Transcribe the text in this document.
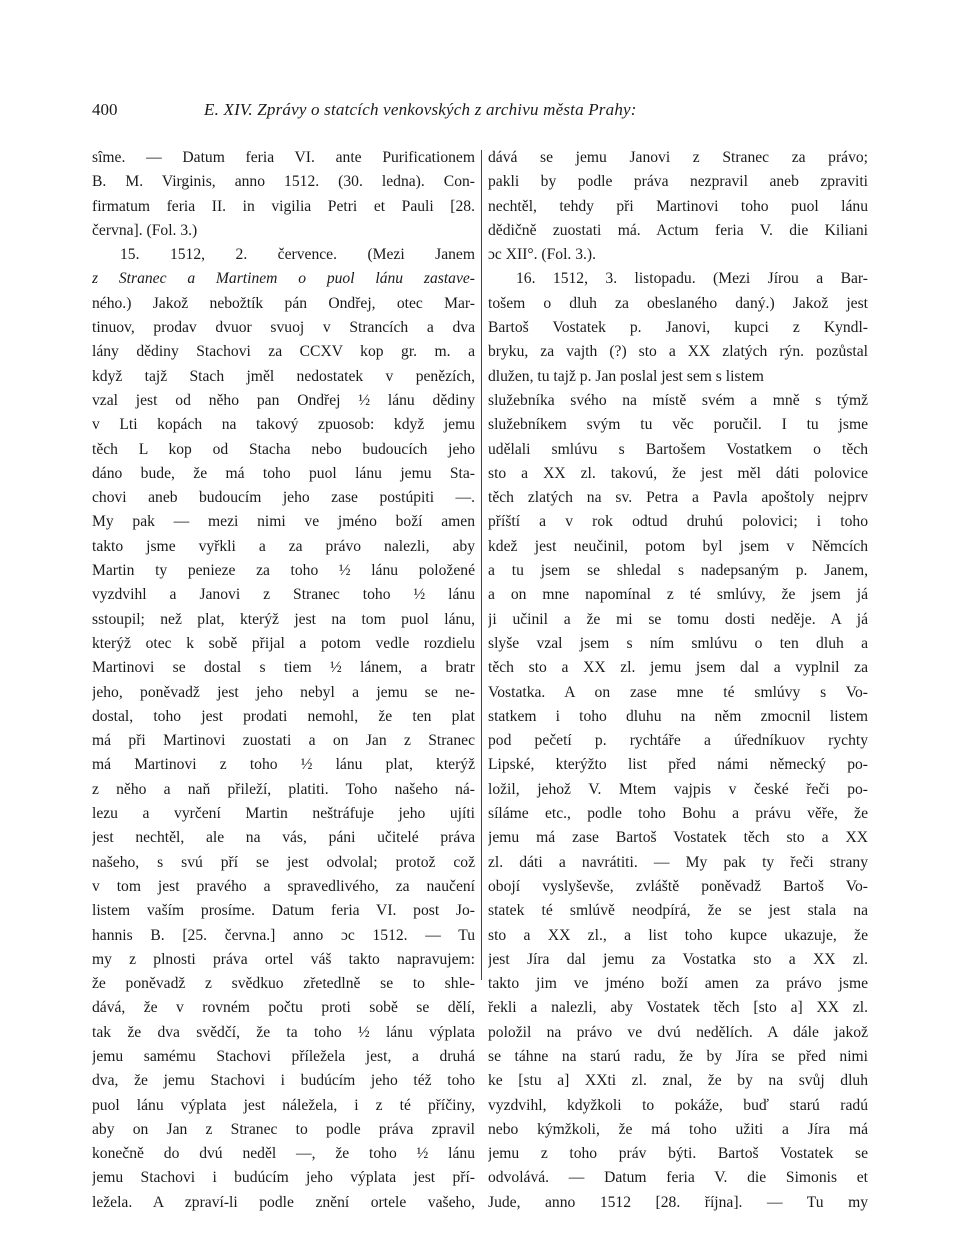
400	E. XIV. Zprávy o statcích venkovských z archivu města Prahy:
sîme. — Datum feria VI. ante Purificationem
B. M. Virginis, anno 1512. (30. ledna). Con-
firmatum feria II. in vigilia Petri et Pauli [28.
června]. (Fol. 3.)
15. 1512, 2. července. (Mezi Janem
z Stranec a Martinem o puol lánu zastave-
ného.) Jakož nebožtík pán Ondřej, otec Mar-
tinuov, prodav dvuor svuoj v Strancích a dva
lány dědiny Stachovi za CCXV kop gr. m. a
když tajž Stach jměl nedostatek v penězích,
vzal jest od něho pan Ondřej ½ lánu dědiny
v Lti kopách na takový zpuosob: když jemu
těch L kop od Stacha nebo budoucích jeho
dáno bude, že má toho puol lánu jemu Sta-
chovi aneb budoucím jeho zase postúpiti —.
My pak — mezi nimi ve jméno boží amen
takto jsme vyřkli a za právo nalezli, aby
Martin ty penieze za toho ½ lánu položené
vyzdvihl a Janovi z Stranec toho ½ lánu
sstoupil; než plat, kterýž jest na tom puol lánu,
kterýž otec k sobě přijal a potom vedle rozdielu
Martinovi se dostal s tiem ½ lánem, a bratr
jeho, poněvadž jest jeho nebyl a jemu se ne-
dostal, toho jest prodati nemohl, že ten plat
má při Martinovi zuostati a on Jan z Stranec
má Martinovi z toho ½ lánu plat, kterýž
z něho a naň přileží, platiti. Toho našeho ná-
lezu a vyrčení Martin neštráfuje jeho ujíti
jest nechtěl, ale na vás, páni učitelé práva
našeho, s svú pří se jest odvolal; protož což
v tom jest pravého a spravedlivého, za naučení
listem vaším prosíme. Datum feria VI. post Jo-
hannis B. [25. června.] anno ɔc 1512. — Tu
my z plnosti práva ortel váš takto napravujem:
že poněvadž z svědkuo zřetedlně se to shle-
dává, že v rovném počtu proti sobě se dělí,
tak že dva svědčí, že ta toho ½ lánu výplata
jemu samému Stachovi příležela jest, a druhá
dva, že jemu Stachovi i budúcím jeho též toho
puol lánu výplata jest náležela, i z té příčiny,
aby on Jan z Stranec to podle práva zpravil
konečně do dvú neděl —, že toho ½ lánu
jemu Stachovi i budúcím jeho výplata jest pří-
ležela. A zpraví-li podle znění ortele vašeho,
dává se jemu Janovi z Stranec za právo;
pakli by podle práva nezpravil aneb zpraviti
nechtěl, tehdy při Martinovi toho puol lánu
dědičně zuostati má. Actum feria V. die Kiliani
ɔc XII°. (Fol. 3.).
16. 1512, 3. listopadu. (Mezi Jírou a Bar-
tošem o dluh za obeslaného daný.) Jakož jest
Bartoš Vostatek p. Janovi, kupci z Kyndl-
bryku, za vajth (?) sto a XX zlatých rýn. pozůstal
dlužen, tu tajž p. Jan poslal jest sem s listem
služebníka svého na místě svém a mně s týmž
služebníkem svým tu věc poručil. I tu jsme
udělali smlúvu s Bartošem Vostatkem o těch
sto a XX zl. takovú, že jest měl dáti polovice
těch zlatých na sv. Petra a Pavla apoštoly nejprv
příští a v rok odtud druhú polovici; i toho
kdež jest neučinil, potom byl jsem v Němcích
a tu jsem se shledal s nadepsaným p. Janem,
a on mne napomínal z té smlúvy, že jsem já
ji učinil a že mi se tomu dosti neděje. A já
slyše vzal jsem s ním smlúvu o ten dluh a
těch sto a XX zl. jemu jsem dal a vyplnil za
Vostatka. A on zase mne té smlúvy s Vo-
statkem i toho dluhu na něm zmocnil listem
pod pečetí p. rychtáře a úředníkuov rychty
Lipské, kterýžto list před námi německý po-
ložil, jehož V. Mtem vajpis v české řeči po-
síláme etc., podle toho Bohu a právu věře, že
jemu má zase Bartoš Vostatek těch sto a XX
zl. dáti a navrátiti. — My pak ty řeči strany
obojí vyslyševše, zvláště poněvadž Bartoš Vo-
statek té smlúvě neodpírá, že se jest stala na
sto a XX zl., a list toho kupce ukazuje, že
jest Jíra dal jemu za Vostatka sto a XX zl.
takto jim ve jméno boží amen za právo jsme
řekli a nalezli, aby Vostatek těch [sto a] XX zl.
položil na právo ve dvú nedělích. A dále jakož
se táhne na starú radu, že by Jíra se před nimi
ke [stu a] XXti zl. znal, že by na svůj dluh
vyzdvihl, kdyžkoli to pokáže, buď starú radú
nebo kýmžkoli, že má toho užiti a Jíra má
jemu z toho práv býti. Bartoš Vostatek se
odvolává. — Datum feria V. die Simonis et
Jude, anno 1512 [28. října]. — Tu my
